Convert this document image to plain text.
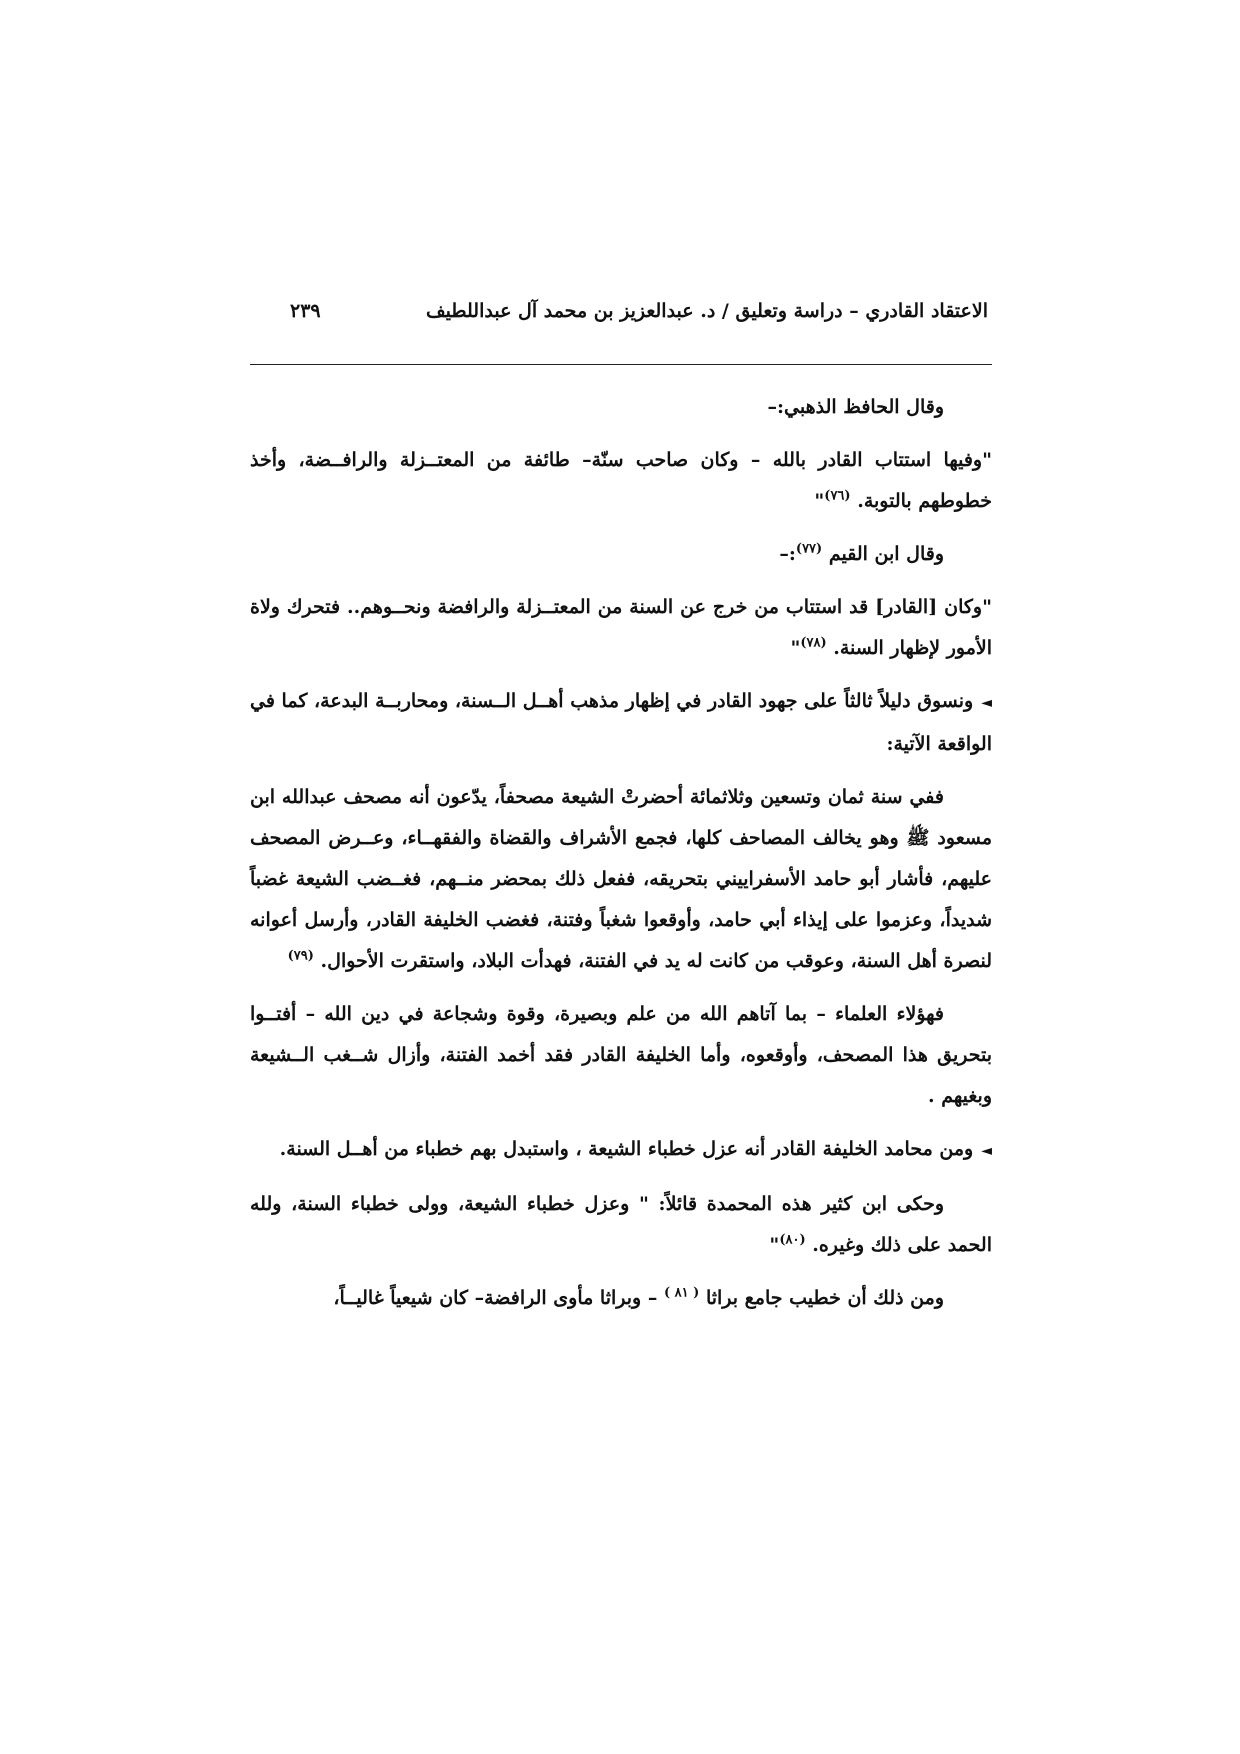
الاعتقاد القادري – دراسة وتعليق / د. عبدالعزيز بن محمد آل عبداللطيف
٢٣٩

وقال الحافظ الذهبي:–

"وفيها استتاب القادر بالله – وكان صاحب سنّة– طائفة من المعتــزلة والرافــضة، وأخذ خطوطهم بالتوبة. $^{(٧٦)}$"

وقال ابن القيم $^{(٧٧)}$:–

"وكان [القادر] قد استتاب من خرج عن السنة من المعتــزلة والرافضة ونحــوهم.. فتحرك ولاة الأمور لإظهار السنة. $^{(٧٨)}$"

◄ونسوق دليلاً ثالثاً على جهود القادر في إظهار مذهب أهــل الــسنة، ومحاربــة البدعة، كما في الواقعة الآتية:

ففي سنة ثمان وتسعين وثلاثمائة أحضرتْ الشيعة مصحفاً، يدّعون أنه مصحف عبدالله ابن مسعود ﷺ وهو يخالف المصاحف كلها، فجمع الأشراف والقضاة والفقهــاء، وعــرض المصحف عليهم، فأشار أبو حامد الأسفراييني بتحريقه، ففعل ذلك بمحضر منــهم، فغــضب الشيعة غضباً شديداً، وعزموا على إيذاء أبي حامد، وأوقعوا شغباً وفتنة، فغضب الخليفة القادر، وأرسل أعوانه لنصرة أهل السنة، وعوقب من كانت له يد في الفتنة، فهدأت البلاد، واستقرت الأحوال. $^{(٧٩)}$

فهؤلاء العلماء – بما آتاهم الله من علم وبصيرة، وقوة وشجاعة في دين الله – أفتــوا بتحريق هذا المصحف، وأوقعوه، وأما الخليفة القادر فقد أخمد الفتنة، وأزال شــغب الــشيعة وبغيهم .

◄ومن محامد الخليفة القادر أنه عزل خطباء الشيعة ، واستبدل بهم خطباء من أهــل السنة.

وحكى ابن كثير هذه المحمدة قائلاً: " وعزل خطباء الشيعة، وولى خطباء السنة، ولله الحمد على ذلك وغيره. $^{(٨٠)}$"

ومن ذلك أن خطيب جامع براثا $^{( ٨١ )}$ – وبراثا مأوى الرافضة– كان شيعياً غاليــاً،
